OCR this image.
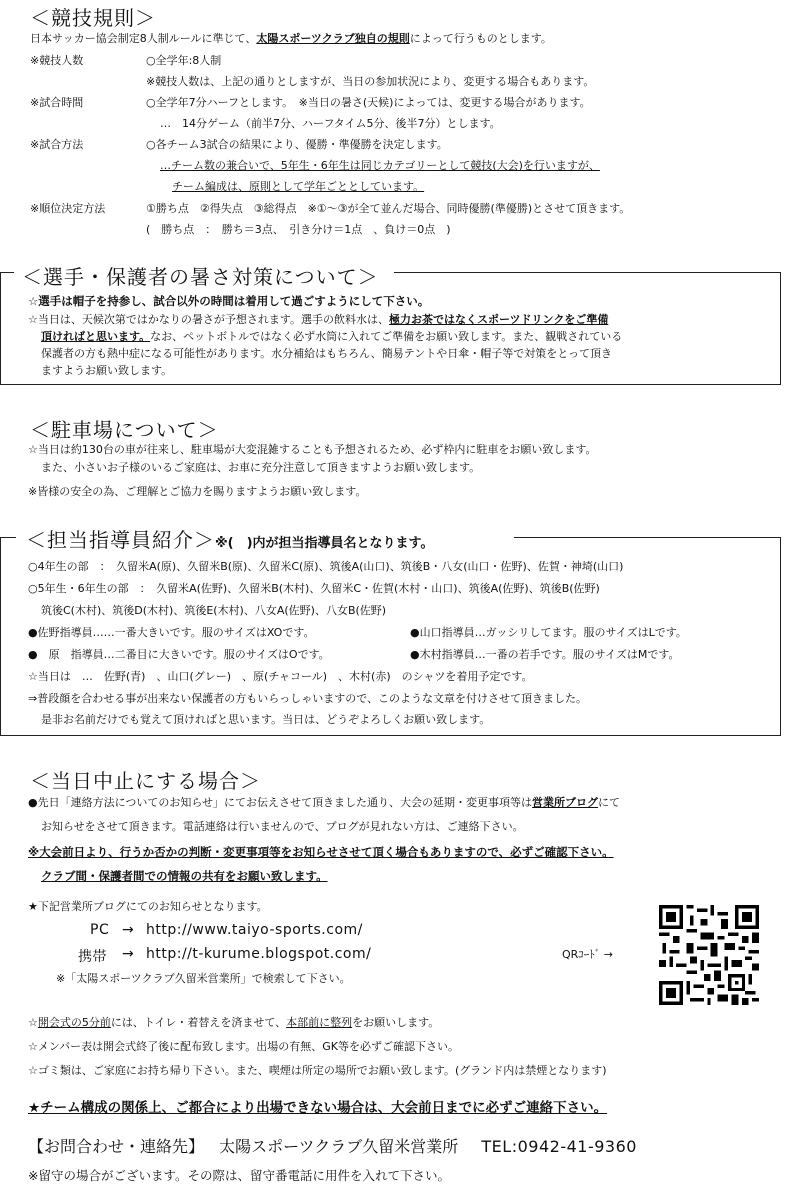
＜競技規則＞
日本サッカー協会制定8人制ルールに準じて、太陽スポーツクラブ独自の規則によって行うものとします。
※競技人数	○全学年:8人制
※競技人数は、上記の通りとしますが、当日の参加状況により、変更する場合もあります。
※試合時間	○全学年7分ハーフとします。　※当日の暑さ(天候)によっては、変更する場合があります。
…　14分ゲーム（前半7分、ハーフタイム5分、後半7分）とします。
※試合方法	○各チーム3試合の結果により、優勝・準優勝を決定します。
…チーム数の兼合いで、5年生・6年生は同じカテゴリーとして競技(大会)を行いますが、
チーム編成は、原則として学年ごととしています。
※順位決定方法	①勝ち点　②得失点　③総得点　※①～③が全て並んだ場合、同時優勝(準優勝)とさせて頂きます。
(　勝ち点　：　勝ち＝3点、　引き分け＝1点　、負け＝0点　)
＜選手・保護者の暑さ対策について＞
☆選手は帽子を持参し、試合以外の時間は着用して過ごすようにして下さい。
☆当日は、天候次第ではかなりの暑さが予想されます。選手の飲料水は、極力お茶ではなくスポーツドリンクをご準備
頂ければと思います。なお、ペットボトルではなく必ず水筒に入れてご準備をお願い致します。また、観戦されている
保護者の方も熱中症になる可能性があります。水分補給はもちろん、簡易テントや日傘・帽子等で対策をとって頂き
ますようお願い致します。
＜駐車場について＞
☆当日は約130台の車が往来し、駐車場が大変混雑することも予想されるため、必ず枠内に駐車をお願い致します。
また、小さいお子様のいるご家庭は、お車に充分注意して頂きますようお願い致します。
※皆様の安全の為、ご理解とご協力を賜りますようお願い致します。
＜担当指導員紹介＞※(　)内が担当指導員名となります。
○4年生の部　：　久留米A(原)、久留米B(原)、久留米C(原)、筑後A(山口)、筑後B・八女(山口・佐野)、佐賀・神埼(山口)
○5年生・6年生の部　：　久留米A(佐野)、久留米B(木村)、久留米C・佐賀(木村・山口)、筑後A(佐野)、筑後B(佐野)
筑後C(木村)、筑後D(木村)、筑後E(木村)、八女A(佐野)、八女B(佐野)
●佐野指導員……一番大きいです。服のサイズはXOです。	●山口指導員…ガッシリしてます。服のサイズはLです。
●　原　指導員…二番目に大きいです。服のサイズはOです。	●木村指導員…一番の若手です。服のサイズはMです。
☆当日は　…　佐野(青)　、山口(グレー)　、原(チャコール)　、木村(赤)　のシャツを着用予定です。
⇒普段顔を合わせる事が出来ない保護者の方もいらっしゃいますので、このような文章を付けさせて頂きました。
是非お名前だけでも覚えて頂ければと思います。当日は、どうぞよろしくお願い致します。
＜当日中止にする場合＞
●先日「連絡方法についてのお知らせ」にてお伝えさせて頂きました通り、大会の延期・変更事項等は営業所ブログにて
お知らせをさせて頂きます。電話連絡は行いませんので、ブログが見れない方は、ご連絡下さい。
※大会前日より、行うか否かの判断・変更事項等をお知らせさせて頂く場合もありますので、必ずご確認下さい。
クラブ間・保護者間での情報の共有をお願い致します。
★下記営業所ブログにてのお知らせとなります。
PC → http://www.taiyo-sports.com/
携帯 → http://t-kurume.blogspot.com/	QRｺｰﾄﾞ →
※「太陽スポーツクラブ久留米営業所」で検索して下さい。
☆開会式の5分前には、トイレ・着替えを済ませて、本部前に整列をお願いします。
☆メンバー表は開会式終了後に配布致します。出場の有無、GK等を必ずご確認下さい。
☆ゴミ類は、ご家庭にお持ち帰り下さい。また、喫煙は所定の場所でお願い致します。(グランド内は禁煙となります)
★チーム構成の関係上、ご都合により出場できない場合は、大会前日までに必ずご連絡下さい。
【お問合わせ・連絡先】 太陽スポーツクラブ久留米営業所 TEL:0942-41-9360
※留守の場合がございます。その際は、留守番電話に用件を入れて下さい。
